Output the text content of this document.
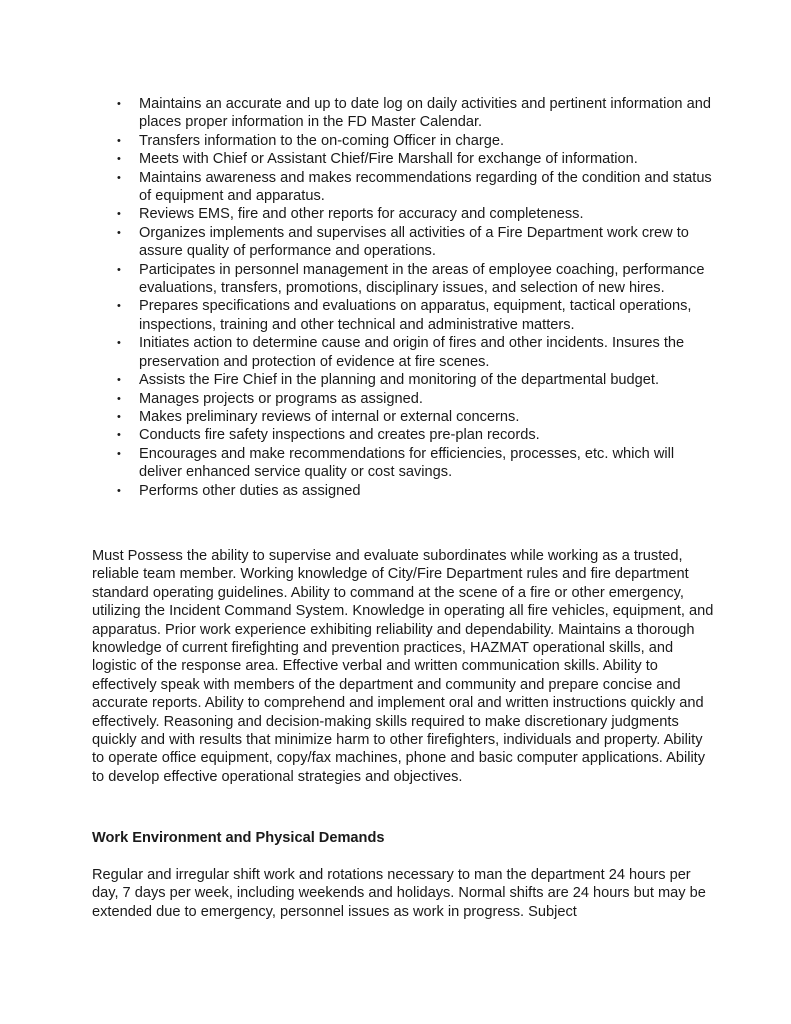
• Maintains an accurate and up to date log on daily activities and pertinent information and places proper information in the FD Master Calendar.
• Transfers information to the on-coming Officer in charge.
• Meets with Chief or Assistant Chief/Fire Marshall for exchange of information.
• Maintains awareness and makes recommendations regarding of the condition and status of equipment and apparatus.
• Reviews EMS, fire and other reports for accuracy and completeness.
• Organizes implements and supervises all activities of a Fire Department work crew to assure quality of performance and operations.
• Participates in personnel management in the areas of employee coaching, performance evaluations, transfers, promotions, disciplinary issues, and selection of new hires.
• Prepares specifications and evaluations on apparatus, equipment, tactical operations, inspections, training and other technical and administrative matters.
• Initiates action to determine cause and origin of fires and other incidents. Insures the preservation and protection of evidence at fire scenes.
• Assists the Fire Chief in the planning and monitoring of the departmental budget.
• Manages projects or programs as assigned.
• Makes preliminary reviews of internal or external concerns.
• Conducts fire safety inspections and creates pre-plan records.
• Encourages and make recommendations for efficiencies, processes, etc. which will deliver enhanced service quality or cost savings.
• Performs other duties as assigned

Must Possess the ability to supervise and evaluate subordinates while working as a trusted, reliable team member. Working knowledge of City/Fire Department rules and fire department standard operating guidelines. Ability to command at the scene of a fire or other emergency, utilizing the Incident Command System. Knowledge in operating all fire vehicles, equipment, and apparatus. Prior work experience exhibiting reliability and dependability. Maintains a thorough knowledge of current firefighting and prevention practices, HAZMAT operational skills, and logistic of the response area. Effective verbal and written communication skills. Ability to effectively speak with members of the department and community and prepare concise and accurate reports. Ability to comprehend and implement oral and written instructions quickly and effectively. Reasoning and decision-making skills required to make discretionary judgments quickly and with results that minimize harm to other firefighters, individuals and property. Ability to operate office equipment, copy/fax machines, phone and basic computer applications. Ability to develop effective operational strategies and objectives.

Work Environment and Physical Demands

Regular and irregular shift work and rotations necessary to man the department 24 hours per day, 7 days per week, including weekends and holidays. Normal shifts are 24 hours but may be extended due to emergency, personnel issues as work in progress. Subject
